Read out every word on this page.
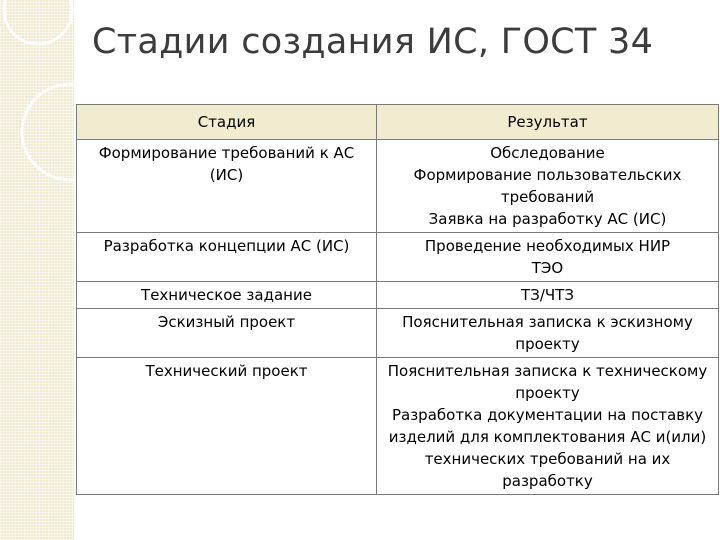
Стадии создания ИС, ГОСТ 34
Стадия	Результат
Формирование требований к АС (ИС)	Обследование
Формирование пользовательских требований
Заявка на разработку АС (ИС)

Разработка концепции АС (ИС)	Проведение необходимых НИР
ТЭО

Техническое задание	ТЗ/ЧТЗ

Эскизный проект	Пояснительная записка к эскизному проекту

Технический проект	Пояснительная записка к техническому проекту
Разработка документации на поставку изделий для комплектования АС и(или) технических требований на их разработку
